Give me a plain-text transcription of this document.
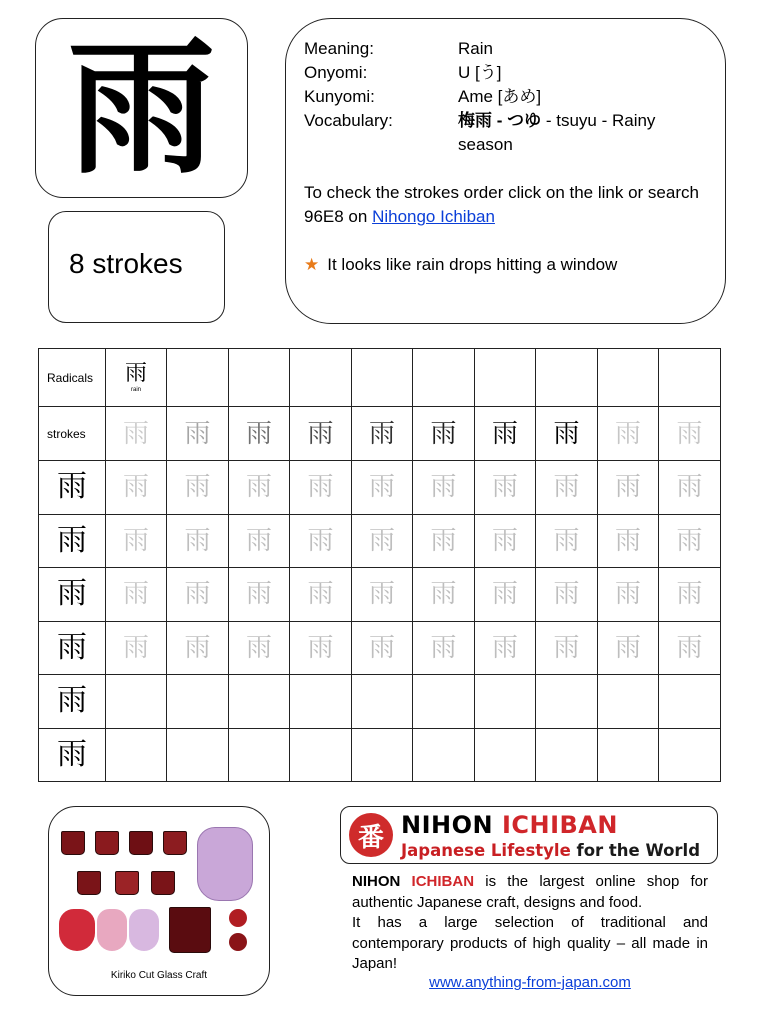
雨
8 strokes
Meaning:	Rain
Onyomi:	U [う]
Kunyomi:	Ame [あめ]
Vocabulary:	梅雨 - つゆ - tsuyu - Rainy season
To check the strokes order click on the link or search 96E8 on Nihongo Ichiban
★ It looks like rain drops hitting a window
Radicals	雨
rain									

strokes	雨	雨	雨	雨	雨	雨	雨	雨	雨	雨
雨	雨	雨	雨	雨	雨	雨	雨	雨	雨	雨
雨	雨	雨	雨	雨	雨	雨	雨	雨	雨	雨
雨	雨	雨	雨	雨	雨	雨	雨	雨	雨	雨
雨	雨	雨	雨	雨	雨	雨	雨	雨	雨	雨
雨										
雨										
Kiriko Cut Glass Craft
番 NIHON ICHIBAN
Japanese Lifestyle for the World
NIHON ICHIBAN is the largest online shop for authentic Japanese craft, designs and food.
It has a large selection of traditional and contemporary products of high quality – all made in Japan!
www.anything-from-japan.com
